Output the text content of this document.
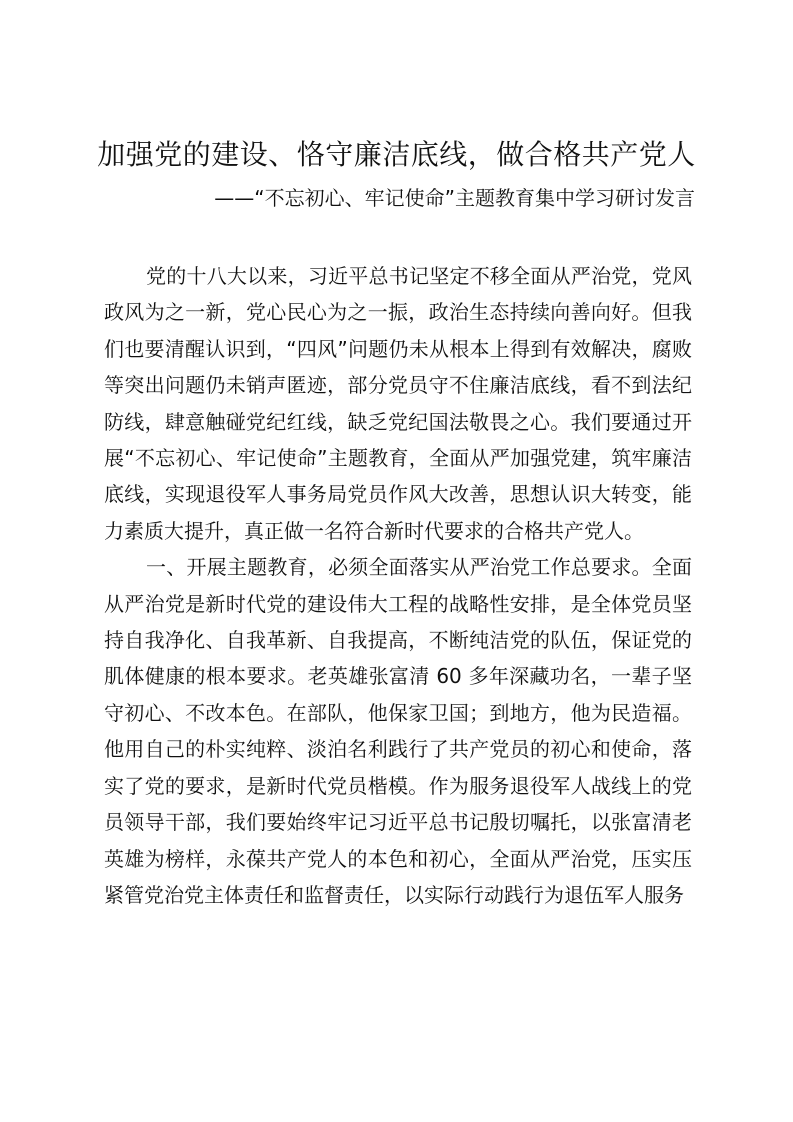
加强党的建设、恪守廉洁底线，做合格共产党人
——“不忘初心、牢记使命”主题教育集中学习研讨发言

党的十八大以来，习近平总书记坚定不移全面从严治党，党风政风为之一新，党心民心为之一振，政治生态持续向善向好。但我们也要清醒认识到，“四风”问题仍未从根本上得到有效解决，腐败等突出问题仍未销声匿迹，部分党员守不住廉洁底线，看不到法纪防线，肆意触碰党纪红线，缺乏党纪国法敬畏之心。我们要通过开展“不忘初心、牢记使命”主题教育，全面从严加强党建，筑牢廉洁底线，实现退役军人事务局党员作风大改善，思想认识大转变，能力素质大提升，真正做一名符合新时代要求的合格共产党人。

一、开展主题教育，必须全面落实从严治党工作总要求。全面从严治党是新时代党的建设伟大工程的战略性安排，是全体党员坚持自我净化、自我革新、自我提高，不断纯洁党的队伍，保证党的肌体健康的根本要求。老英雄张富清 60 多年深藏功名，一辈子坚守初心、不改本色。在部队，他保家卫国；到地方，他为民造福。他用自己的朴实纯粹、淡泊名利践行了共产党员的初心和使命，落实了党的要求，是新时代党员楷模。作为服务退役军人战线上的党员领导干部，我们要始终牢记习近平总书记殷切嘱托，以张富清老英雄为榜样，永葆共产党人的本色和初心，全面从严治党，压实压紧管党治党主体责任和监督责任，以实际行动践行为退伍军人服务
